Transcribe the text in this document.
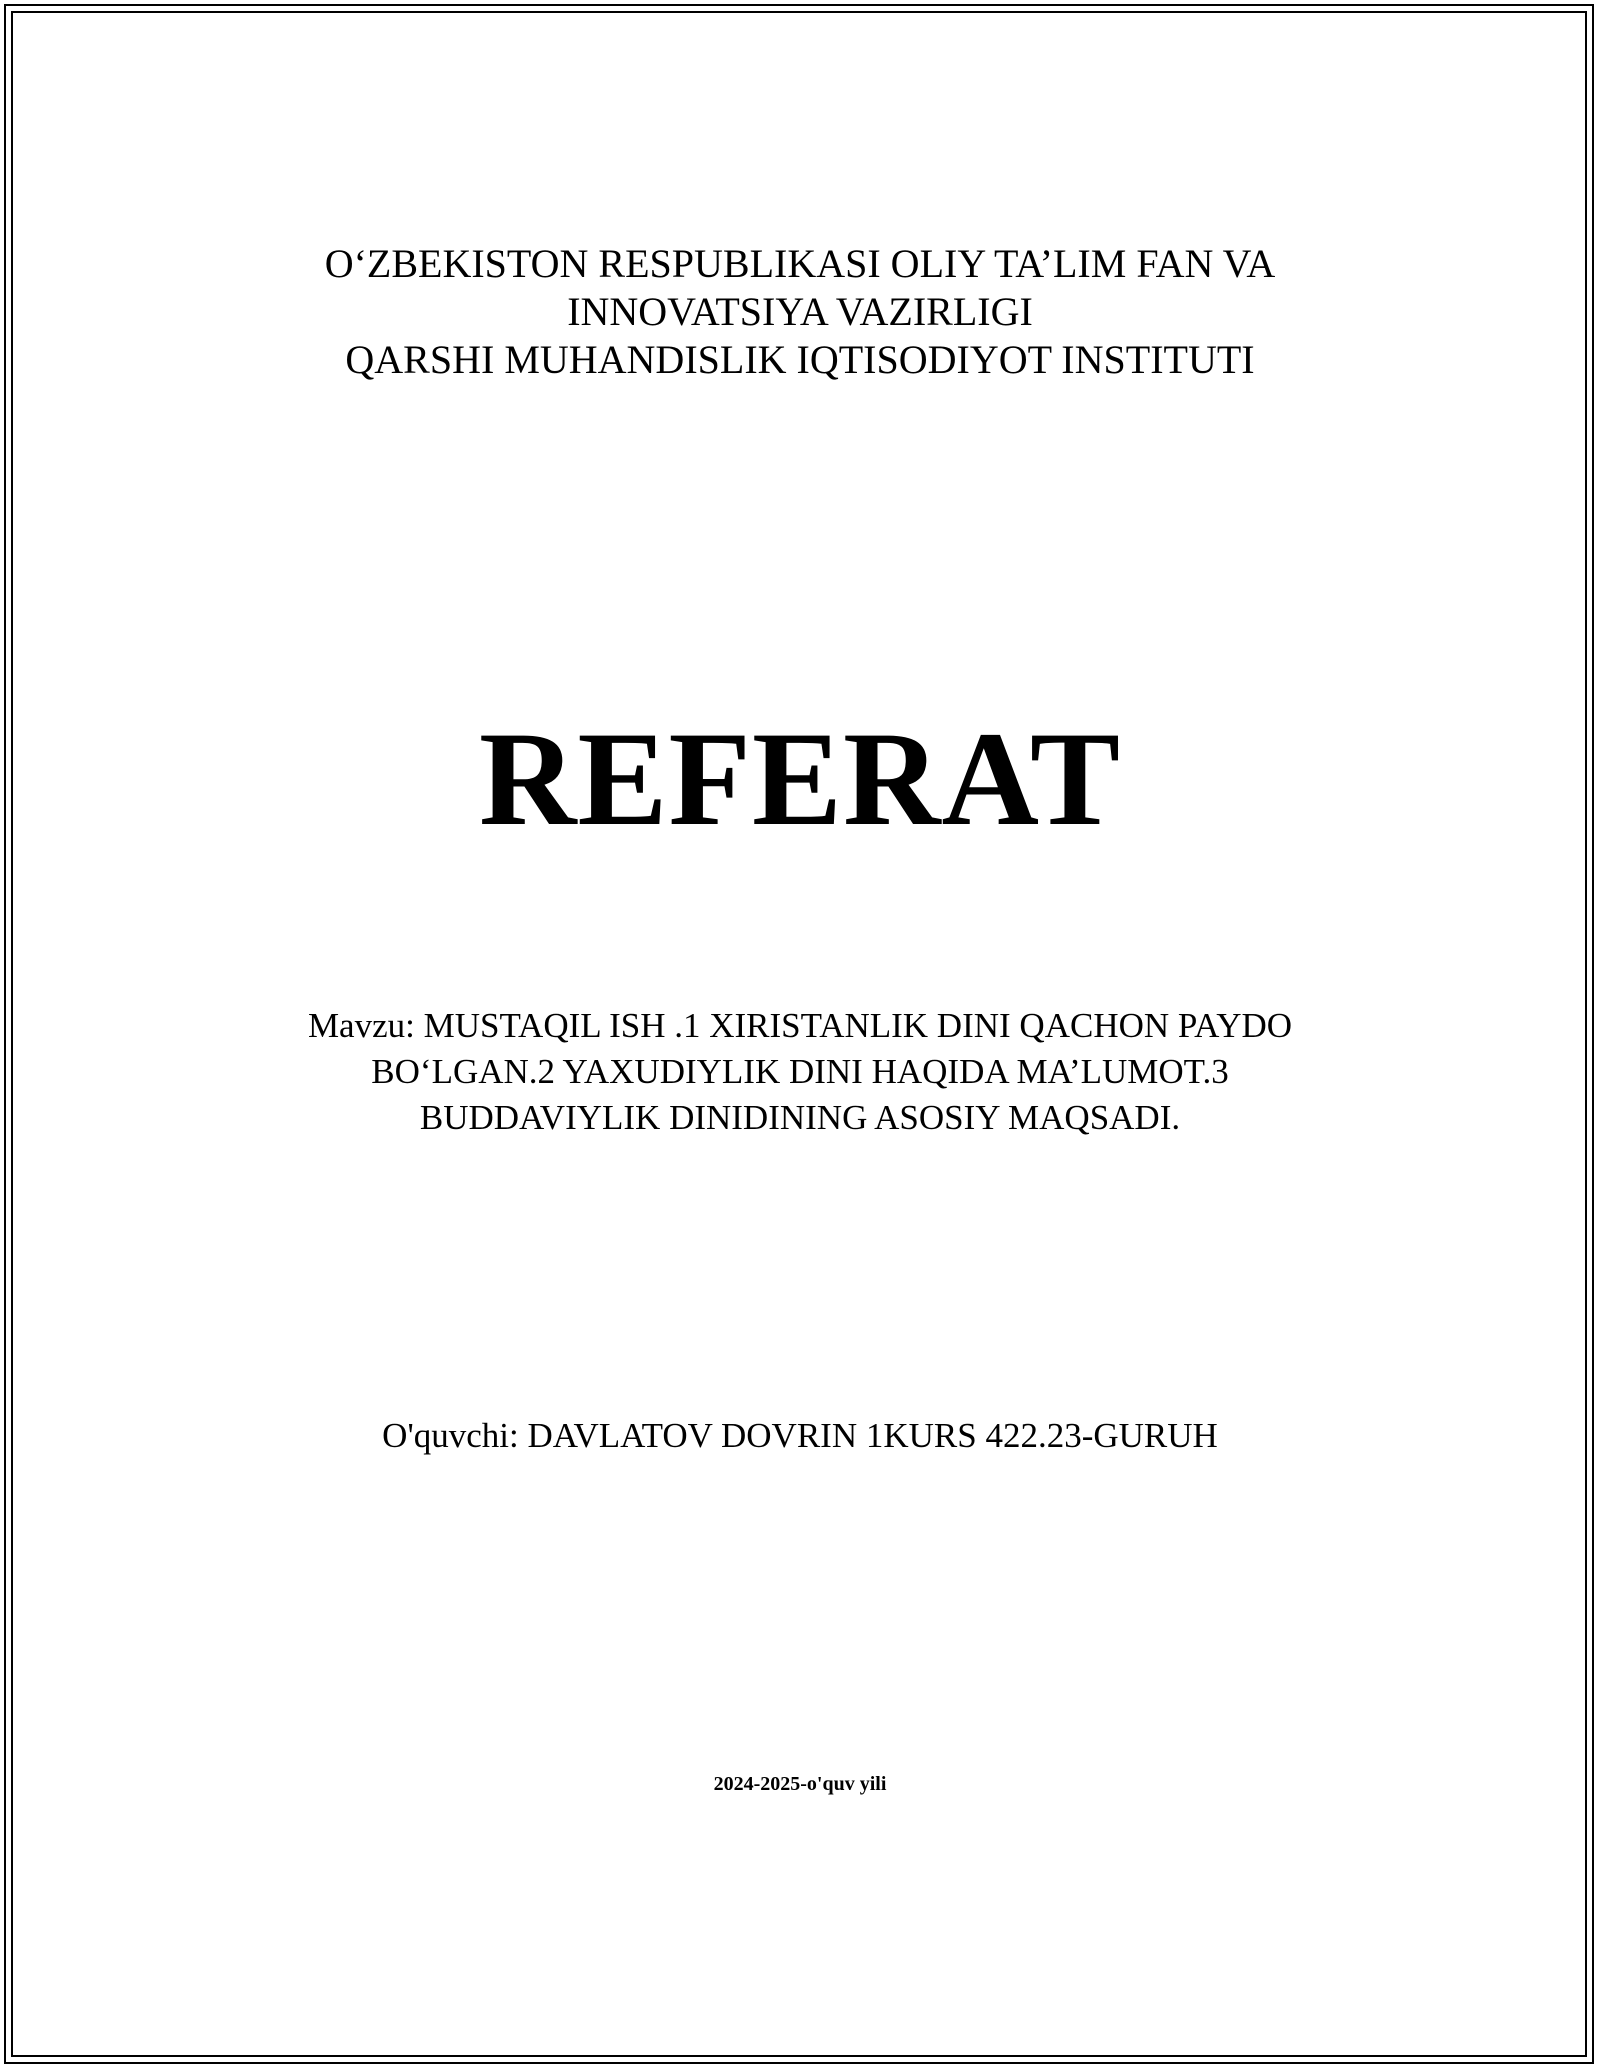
O‘ZBEKISTON RESPUBLIKASI OLIY TA’LIM FAN VA
INNOVATSIYA VAZIRLIGI
QARSHI MUHANDISLIK IQTISODIYOT INSTITUTI
REFERAT
Mavzu: MUSTAQIL ISH .1 XIRISTANLIK DINI QACHON PAYDO
BO‘LGAN.2 YAXUDIYLIK DINI HAQIDA MA’LUMOT.3
BUDDAVIYLIK DINIDINING ASOSIY MAQSADI.
O'quvchi: DAVLATOV DOVRIN 1KURS 422.23-GURUH
2024-2025-o'quv yili
